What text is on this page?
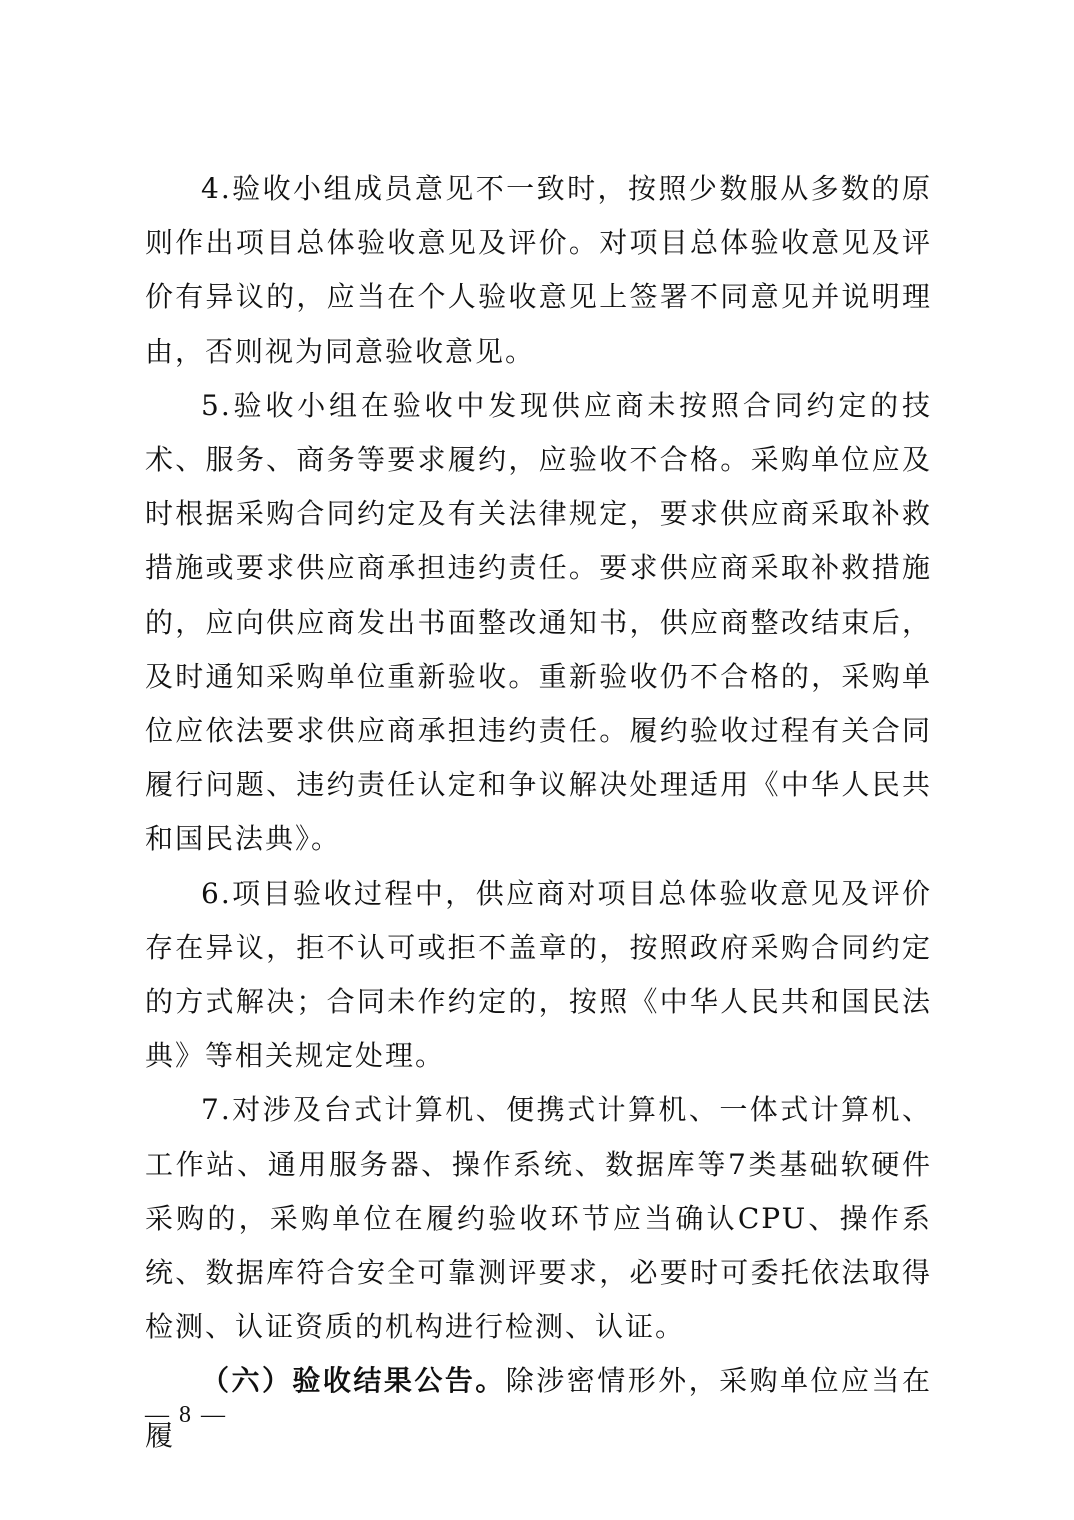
4.验收小组成员意见不一致时，按照少数服从多数的原则作出项目总体验收意见及评价。对项目总体验收意见及评价有异议的，应当在个人验收意见上签署不同意见并说明理由，否则视为同意验收意见。

5.验收小组在验收中发现供应商未按照合同约定的技术、服务、商务等要求履约，应验收不合格。采购单位应及时根据采购合同约定及有关法律规定，要求供应商采取补救措施或要求供应商承担违约责任。要求供应商采取补救措施的，应向供应商发出书面整改通知书，供应商整改结束后，及时通知采购单位重新验收。重新验收仍不合格的，采购单位应依法要求供应商承担违约责任。履约验收过程有关合同履行问题、违约责任认定和争议解决处理适用《中华人民共和国民法典》。

6.项目验收过程中，供应商对项目总体验收意见及评价存在异议，拒不认可或拒不盖章的，按照政府采购合同约定的方式解决；合同未作约定的，按照《中华人民共和国民法典》等相关规定处理。

7.对涉及台式计算机、便携式计算机、一体式计算机、工作站、通用服务器、操作系统、数据库等7类基础软硬件采购的，采购单位在履约验收环节应当确认CPU、操作系统、数据库符合安全可靠测评要求，必要时可委托依法取得检测、认证资质的机构进行检测、认证。

（六）验收结果公告。除涉密情形外，采购单位应当在履

— 8 —
